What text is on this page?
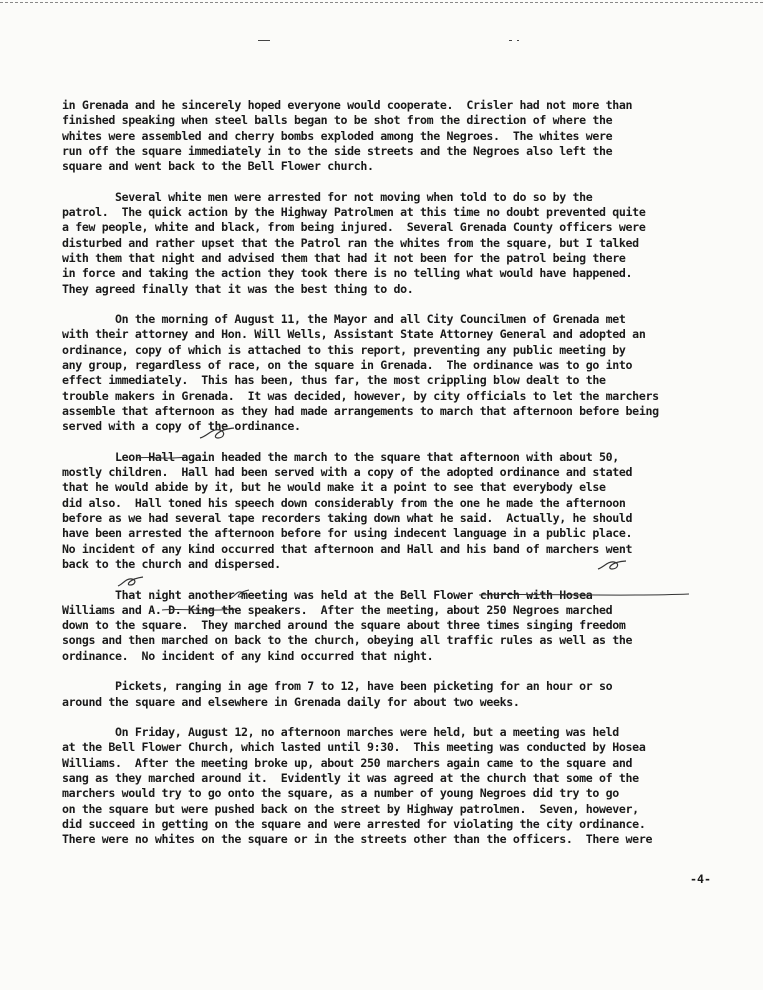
in Grenada and he sincerely hoped everyone would cooperate.  Crisler had not more than
finished speaking when steel balls began to be shot from the direction of where the
whites were assembled and cherry bombs exploded among the Negroes.  The whites were
run off the square immediately in to the side streets and the Negroes also left the
square and went back to the Bell Flower church.
Several white men were arrested for not moving when told to do so by the
patrol.  The quick action by the Highway Patrolmen at this time no doubt prevented quite
a few people, white and black, from being injured.  Several Grenada County officers were
disturbed and rather upset that the Patrol ran the whites from the square, but I talked
with them that night and advised them that had it not been for the patrol being there
in force and taking the action they took there is no telling what would have happened.
They agreed finally that it was the best thing to do.
On the morning of August 11, the Mayor and all City Councilmen of Grenada met
with their attorney and Hon. Will Wells, Assistant State Attorney General and adopted an
ordinance, copy of which is attached to this report, preventing any public meeting by
any group, regardless of race, on the square in Grenada.  The ordinance was to go into
effect immediately.  This has been, thus far, the most crippling blow dealt to the
trouble makers in Grenada.  It was decided, however, by city officials to let the marchers
assemble that afternoon as they had made arrangements to march that afternoon before being
served with a copy of the ordinance.
Leon Hall again headed the march to the square that afternoon with about 50,
mostly children.  Hall had been served with a copy of the adopted ordinance and stated
that he would abide by it, but he would make it a point to see that everybody else
did also.  Hall toned his speech down considerably from the one he made the afternoon
before as we had several tape recorders taking down what he said.  Actually, he should
have been arrested the afternoon before for using indecent language in a public place.
No incident of any kind occurred that afternoon and Hall and his band of marchers went
back to the church and dispersed.
That night another meeting was held at the Bell Flower church with Hosea
Williams and A. D. King the speakers.  After the meeting, about 250 Negroes marched
down to the square.  They marched around the square about three times singing freedom
songs and then marched on back to the church, obeying all traffic rules as well as the
ordinance.  No incident of any kind occurred that night.
Pickets, ranging in age from 7 to 12, have been picketing for an hour or so
around the square and elsewhere in Grenada daily for about two weeks.
On Friday, August 12, no afternoon marches were held, but a meeting was held
at the Bell Flower Church, which lasted until 9:30.  This meeting was conducted by Hosea
Williams.  After the meeting broke up, about 250 marchers again came to the square and
sang as they marched around it.  Evidently it was agreed at the church that some of the
marchers would try to go onto the square, as a number of young Negroes did try to go
on the square but were pushed back on the street by Highway patrolmen.  Seven, however,
did succeed in getting on the square and were arrested for violating the city ordinance.
There were no whites on the square or in the streets other than the officers.  There were
-4-
